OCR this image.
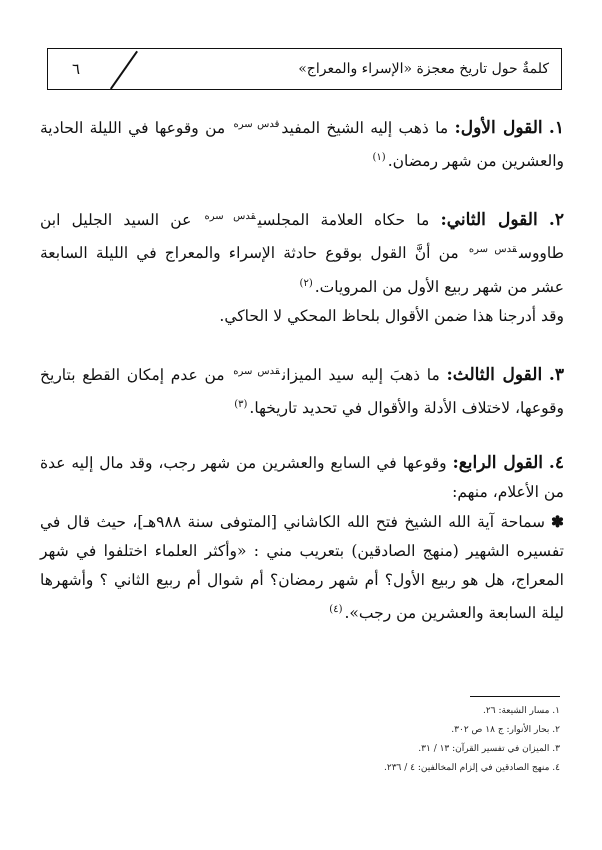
٦	كلمةٌ حول تاريخ معجزة «الإسراء والمعراج»

١. القول الأول: ما ذهب إليه الشيخ المفيد$^{قدس سره}$ من وقوعها في الليلة الحادية والعشرين من شهر رمضان.$^{(١)}$

٢. القول الثاني: ما حكاه العلامة المجلسي$^{قدس سره}$ عن السيد الجليل ابن طاووس$^{قدس سره}$ من أنَّ القول بوقوع حادثة الإسراء والمعراج في الليلة السابعة عشر من شهر ربيع الأول من المرويات.$^{(٢)}$

وقد أدرجنا هذا ضمن الأقوال بلحاظ المحكي لا الحاكي.

٣. القول الثالث: ما ذهبَ إليه سيد الميزان$^{قدس سره}$ من عدم إمكان القطع بتاريخ وقوعها، لاختلاف الأدلة والأقوال في تحديد تاريخها.$^{(٣)}$

٤. القول الرابع: وقوعها في السابع والعشرين من شهر رجب، وقد مال إليه عدة من الأعلام، منهم:

✽سماحة آية الله الشيخ فتح الله الكاشاني [المتوفى سنة ٩٨٨هـ]، حيث قال في تفسيره الشهير (منهج الصادقين) بتعريب مني : «وأكثر العلماء اختلفوا في شهر المعراج، هل هو ربيع الأول؟ أم شهر رمضان؟ أم شوال أم ربيع الثاني ؟ وأشهرها ليلة السابعة والعشرين من رجب».$^{(٤)}$

١. مسار الشيعة: ٢٦.
٢. بحار الأنوار: ج ١٨ ص ٣٠٢.
٣. الميزان في تفسير القرآن: ١٣ / ٣١.
٤. منهج الصادقين في إلزام المخالفين: ٤ / ٢٣٦.
